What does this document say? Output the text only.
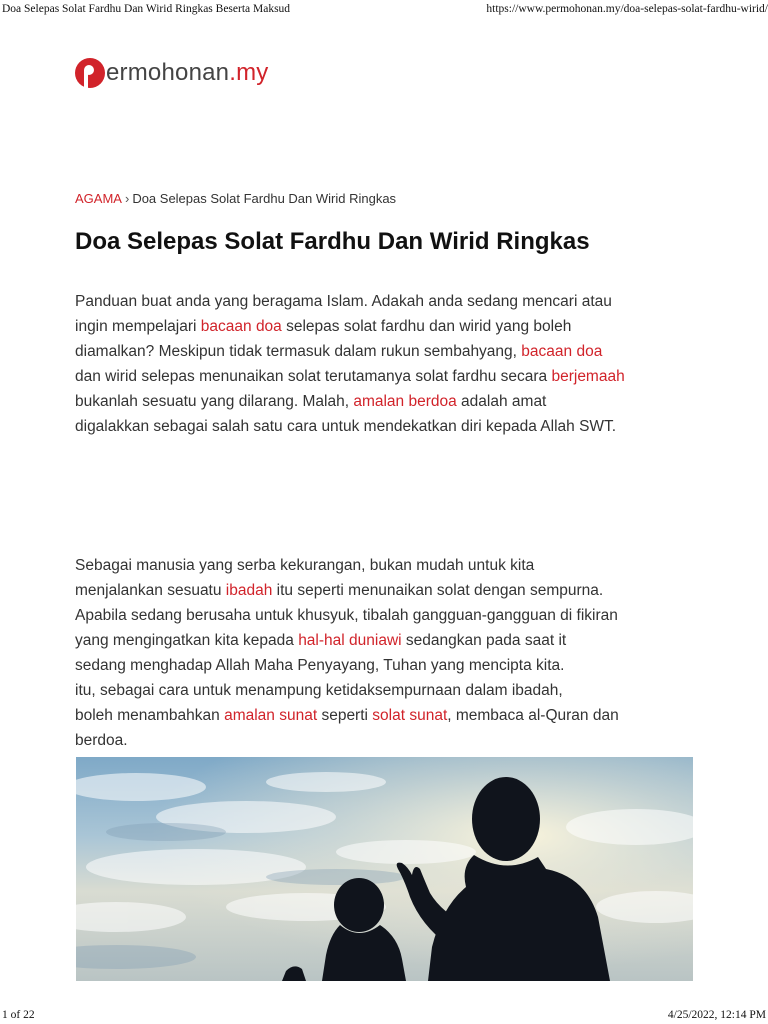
Doa Selepas Solat Fardhu Dan Wirid Ringkas Beserta Maksud	https://www.permohonan.my/doa-selepas-solat-fardhu-wirid/
ermohonan.my
AGAMA › Doa Selepas Solat Fardhu Dan Wirid Ringkas
Doa Selepas Solat Fardhu Dan Wirid Ringkas
Panduan buat anda yang beragama Islam. Adakah anda sedang mencari atau
ingin mempelajari bacaan doa selepas solat fardhu dan wirid yang boleh
diamalkan? Meskipun tidak termasuk dalam rukun sembahyang, bacaan doa
dan wirid selepas menunaikan solat terutamanya solat fardhu secara berjemaah
bukanlah sesuatu yang dilarang. Malah, amalan berdoa adalah amat
digalakkan sebagai salah satu cara untuk mendekatkan diri kepada Allah SWT.
Sebagai manusia yang serba kekurangan, bukan mudah untuk kita
menjalankan sesuatu ibadah itu seperti menunaikan solat dengan sempurna.
Apabila sedang berusaha untuk khusyuk, tibalah gangguan-gangguan di fikiran
yang mengingatkan kita kepada hal-hal duniawi sedangkan pada saat it
sedang menghadap Allah Maha Penyayang, Tuhan yang mencipta kita.
itu, sebagai cara untuk menampung ketidaksempurnaan dalam ibadah,
boleh menambahkan amalan sunat seperti solat sunat, membaca al-Quran dan
berdoa.
1 of 22	4/25/2022, 12:14 PM
